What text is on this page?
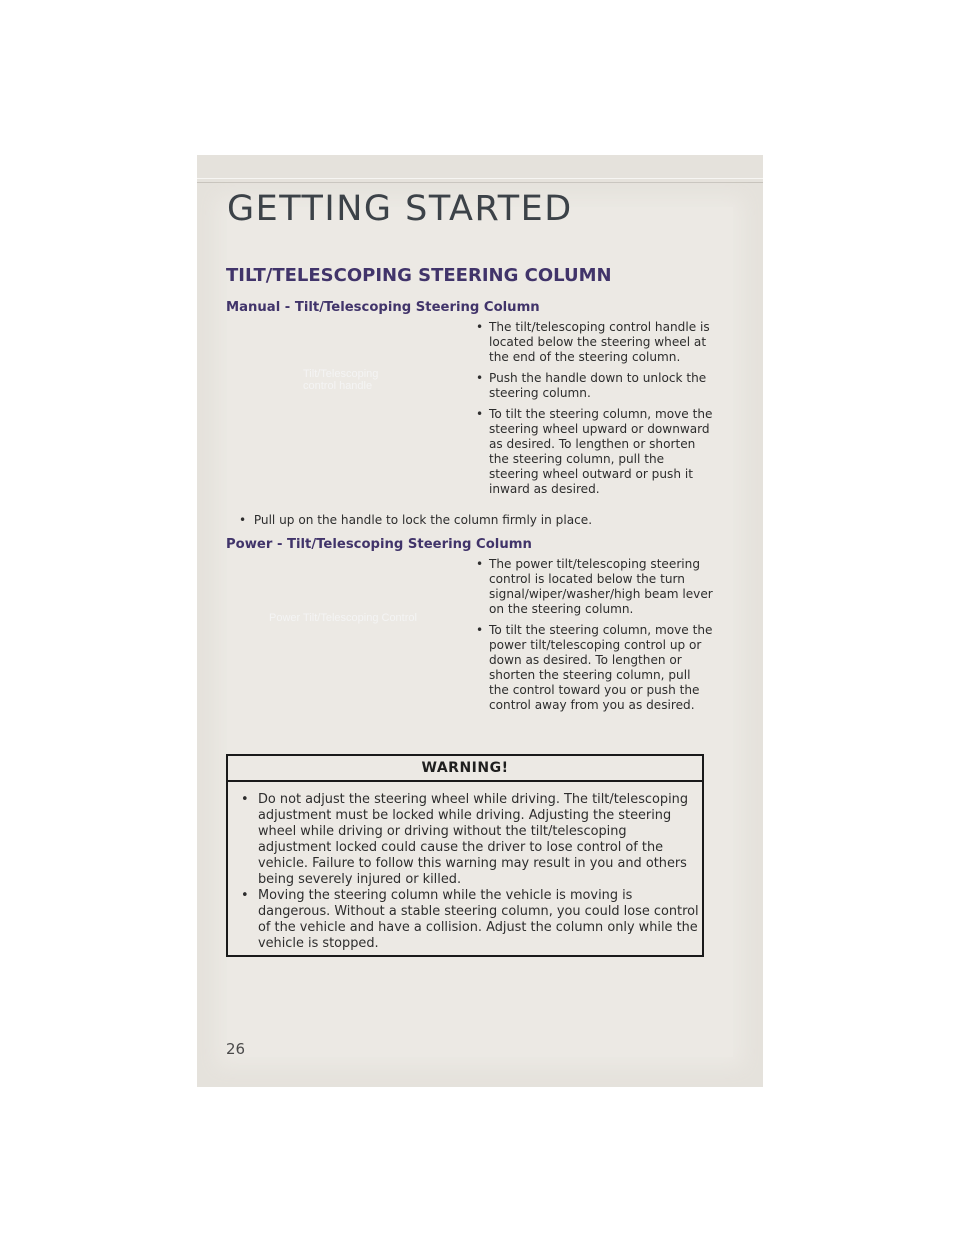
GETTING STARTED
TILT/TELESCOPING STEERING COLUMN
Manual - Tilt/Telescoping Steering Column
Tilt/Telescoping
control handle
• The tilt/telescoping control handle is located below the steering wheel at the end of the steering column.
• Push the handle down to unlock the steering column.
• To tilt the steering column, move the steering wheel upward or downward as desired. To lengthen or shorten the steering column, pull the steering wheel outward or push it inward as desired.
•  Pull up on the handle to lock the column firmly in place.
Power - Tilt/Telescoping Steering Column
Power Tilt/Telescoping Control
• The power tilt/telescoping steering control is located below the turn signal/wiper/washer/high beam lever on the steering column.
• To tilt the steering column, move the power tilt/telescoping control up or down as desired. To lengthen or shorten the steering column, pull the control toward you or push the control away from you as desired.
WARNING!
• Do not adjust the steering wheel while driving. The tilt/telescoping adjustment must be locked while driving. Adjusting the steering wheel while driving or driving without the tilt/telescoping adjustment locked could cause the driver to lose control of the vehicle. Failure to follow this warning may result in you and others being severely injured or killed.
• Moving the steering column while the vehicle is moving is dangerous. Without a stable steering column, you could lose control of the vehicle and have a collision. Adjust the column only while the vehicle is stopped.
26
